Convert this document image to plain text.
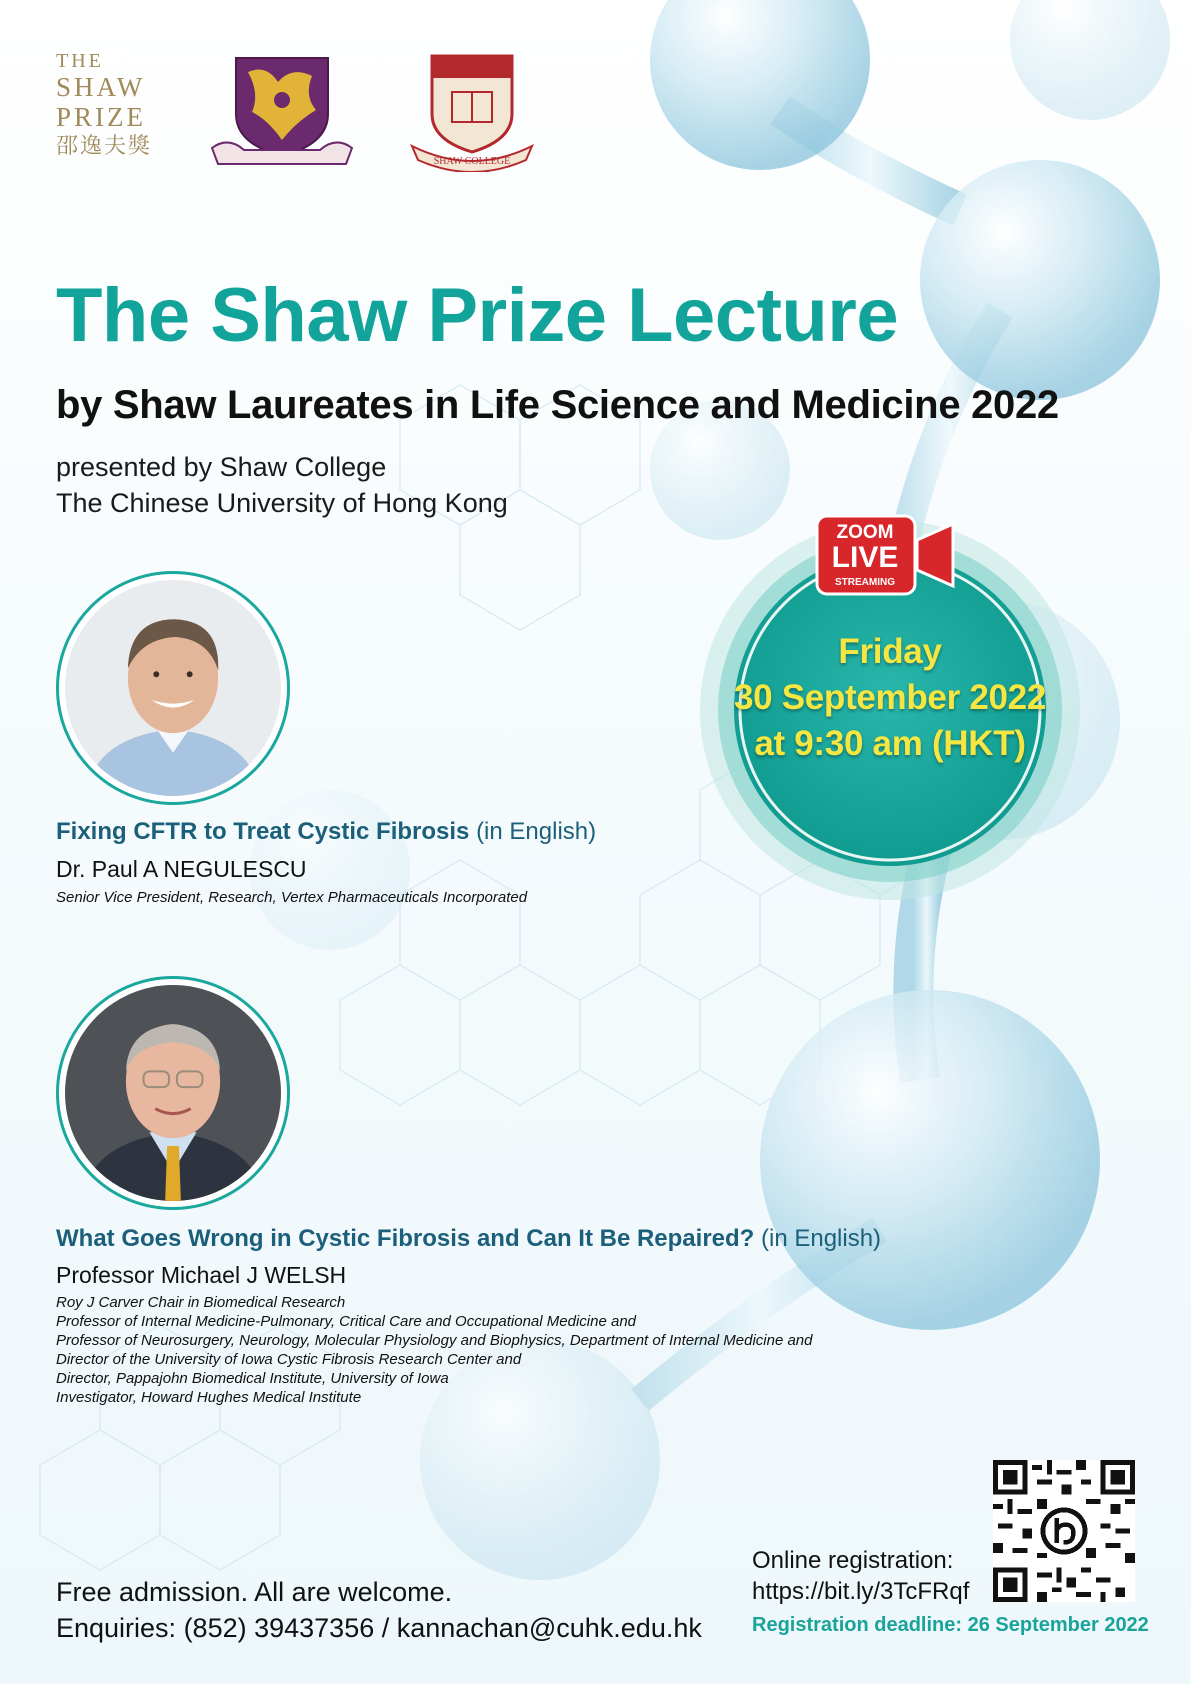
THE
SHAW
PRIZE
邵逸夫獎
SHAW COLLEGE
The Shaw Prize Lecture
by Shaw Laureates in Life Science and Medicine 2022
presented by Shaw College
The Chinese University of Hong Kong
ZOOM
LIVE
STREAMING
Friday
30 September 2022
at 9:30 am (HKT)
Fixing CFTR to Treat Cystic Fibrosis (in English)
Dr. Paul A NEGULESCU
Senior Vice President, Research, Vertex Pharmaceuticals Incorporated
What Goes Wrong in Cystic Fibrosis and Can It Be Repaired? (in English)
Professor Michael J WELSH
Roy J Carver Chair in Biomedical Research
Professor of Internal Medicine-Pulmonary, Critical Care and Occupational Medicine and
Professor of Neurosurgery, Neurology, Molecular Physiology and Biophysics, Department of Internal Medicine and
Director of the University of Iowa Cystic Fibrosis Research Center and
Director, Pappajohn Biomedical Institute, University of Iowa
Investigator, Howard Hughes Medical Institute
Online registration:
https://bit.ly/3TcFRqf
Registration deadline: 26 September 2022
Free admission. All are welcome.
Enquiries: (852) 39437356 / kannachan@cuhk.edu.hk
